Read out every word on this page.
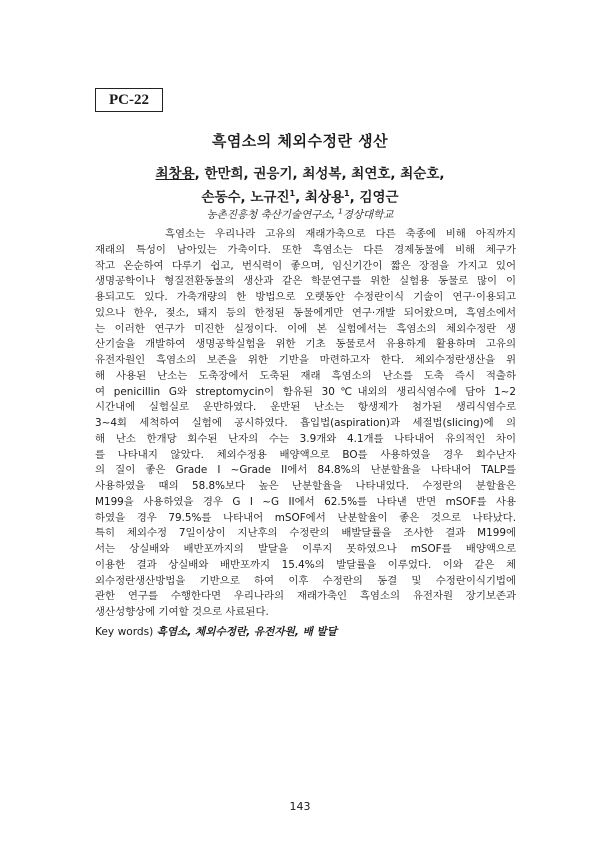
PC-22
흑염소의 체외수정란 생산
최창용, 한만희, 권응기, 최성복, 최연호, 최순호,
손동수, 노규진$^1$, 최상용$^1$, 김영근
농촌진흥청 축산기술연구소, $^1$경상대학교
흑염소는 우리나라 고유의 재래가축으로 다른 축종에 비해 아직까지
재래의 특성이 남아있는 가축이다. 또한 흑염소는 다른 경제동물에 비해 체구가
작고 온순하여 다루기 쉽고, 번식력이 좋으며, 임신기간이 짧은 장점을 가지고 있어
생명공학이나 형질전환동물의 생산과 같은 학문연구를 위한 실험용 동물로 많이 이
용되고도 있다. 가축개량의 한 방법으로 오랫동안 수정란이식 기술이 연구·이용되고
있으나 한우, 젖소, 돼지 등의 한정된 동물에게만 연구·개발 되어왔으며, 흑염소에서
는 이러한 연구가 미진한 실정이다. 이에 본 실험에서는 흑염소의 체외수정란 생
산기술을 개발하여 생명공학실험을 위한 기초 동물로서 유용하게 활용하며 고유의
유전자원인 흑염소의 보존을 위한 기반을 마련하고자 한다. 체외수정란생산을 위
해 사용된 난소는 도축장에서 도축된 재래 흑염소의 난소를 도축 즉시 적출하
여 penicillin G와 streptomycin이 함유된 30℃내외의 생리식염수에 담아 1~2
시간내에 실험실로 운반하였다. 운반된 난소는 항생제가 첨가된 생리식염수로
3~4회 세척하여 실험에 공시하였다. 흡입법(aspiration)과 세절법(slicing)에 의
해 난소 한개당 회수된 난자의 수는 3.9개와 4.1개를 나타내어 유의적인 차이
를 나타내지 않았다. 체외수정용 배양액으로 BO를 사용하였을 경우 회수난자
의 질이 좋은 Grade I ~Grade II에서 84.8%의 난분할율을 나타내어 TALP를
사용하였을 때의 58.8%보다 높은 난분할율을 나타내었다. 수정란의 분할율은
M199을 사용하였을 경우 G I ~G II에서 62.5%를 나타낸 반면 mSOF를 사용
하였을 경우 79.5%를 나타내어 mSOF에서 난분할율이 좋은 것으로 나타났다.
특히 체외수정 7일이상이 지난후의 수정란의 배발달률을 조사한 결과 M199에
서는 상실배와 배반포까지의 발달을 이루지 못하였으나 mSOF를 배양액으로
이용한 결과 상실배와 배반포까지 15.4%의 발달률을 이루었다. 이와 같은 체
외수정란생산방법을 기반으로 하여 이후 수정란의 동결 및 수정란이식기법에
관한 연구를 수행한다면 우리나라의 재래가축인 흑염소의 유전자원 장기보존과
생산성향상에 기여할 것으로 사료된다.
Key words) 흑염소, 체외수정란, 유전자원, 배 발달
143
